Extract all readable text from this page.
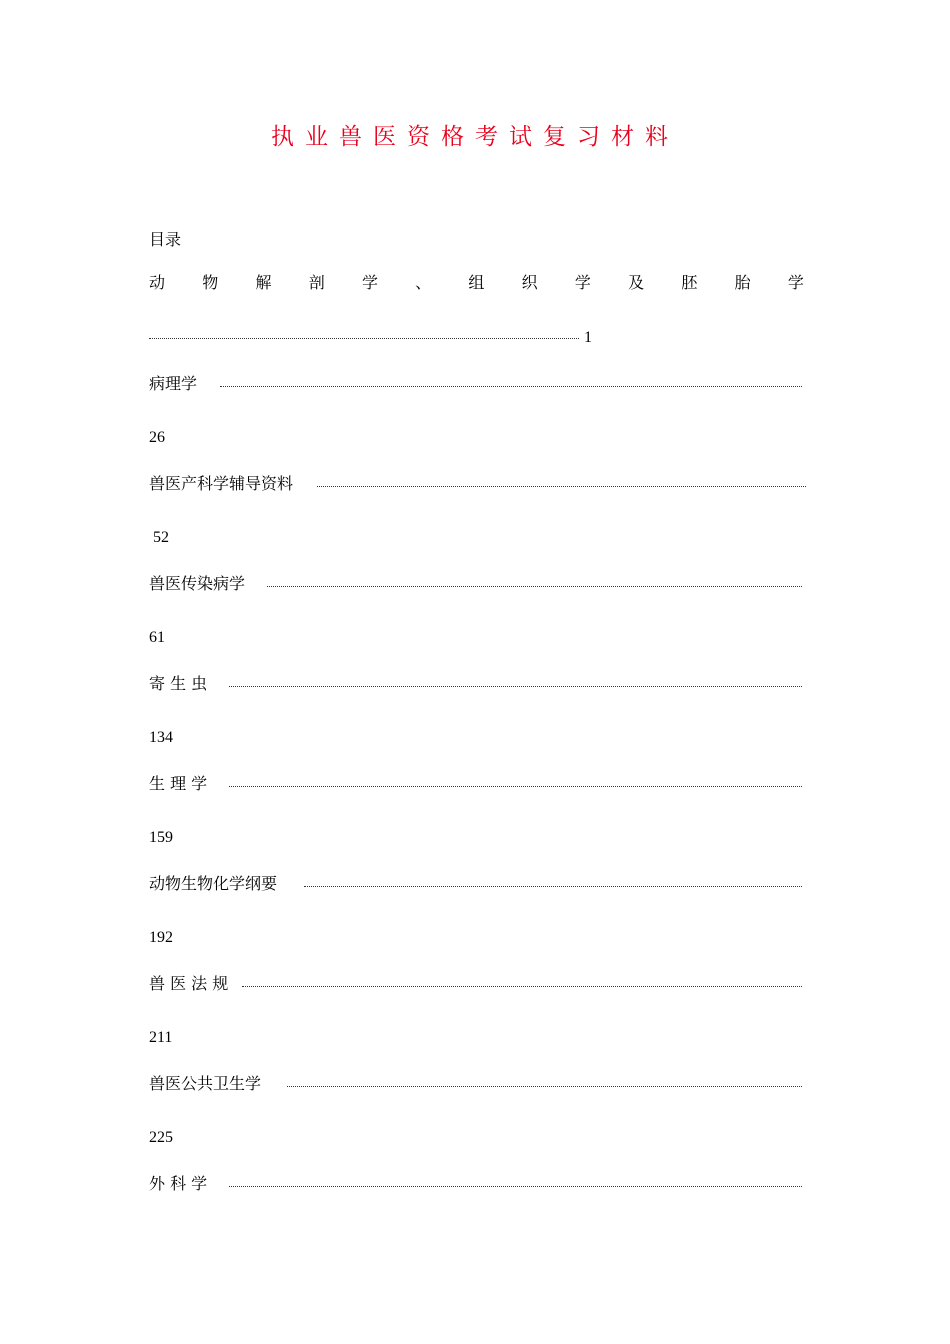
执业兽医资格考试复习材料
目录
动 物 解 剖 学 、 组 织 学 及 胚 胎 学
1
病理学
26
兽医产科学辅导资料
52
兽医传染病学
61
寄 生 虫
134
生 理 学
159
动物生物化学纲要
192
兽 医 法 规
211
兽医公共卫生学
225
外 科 学
